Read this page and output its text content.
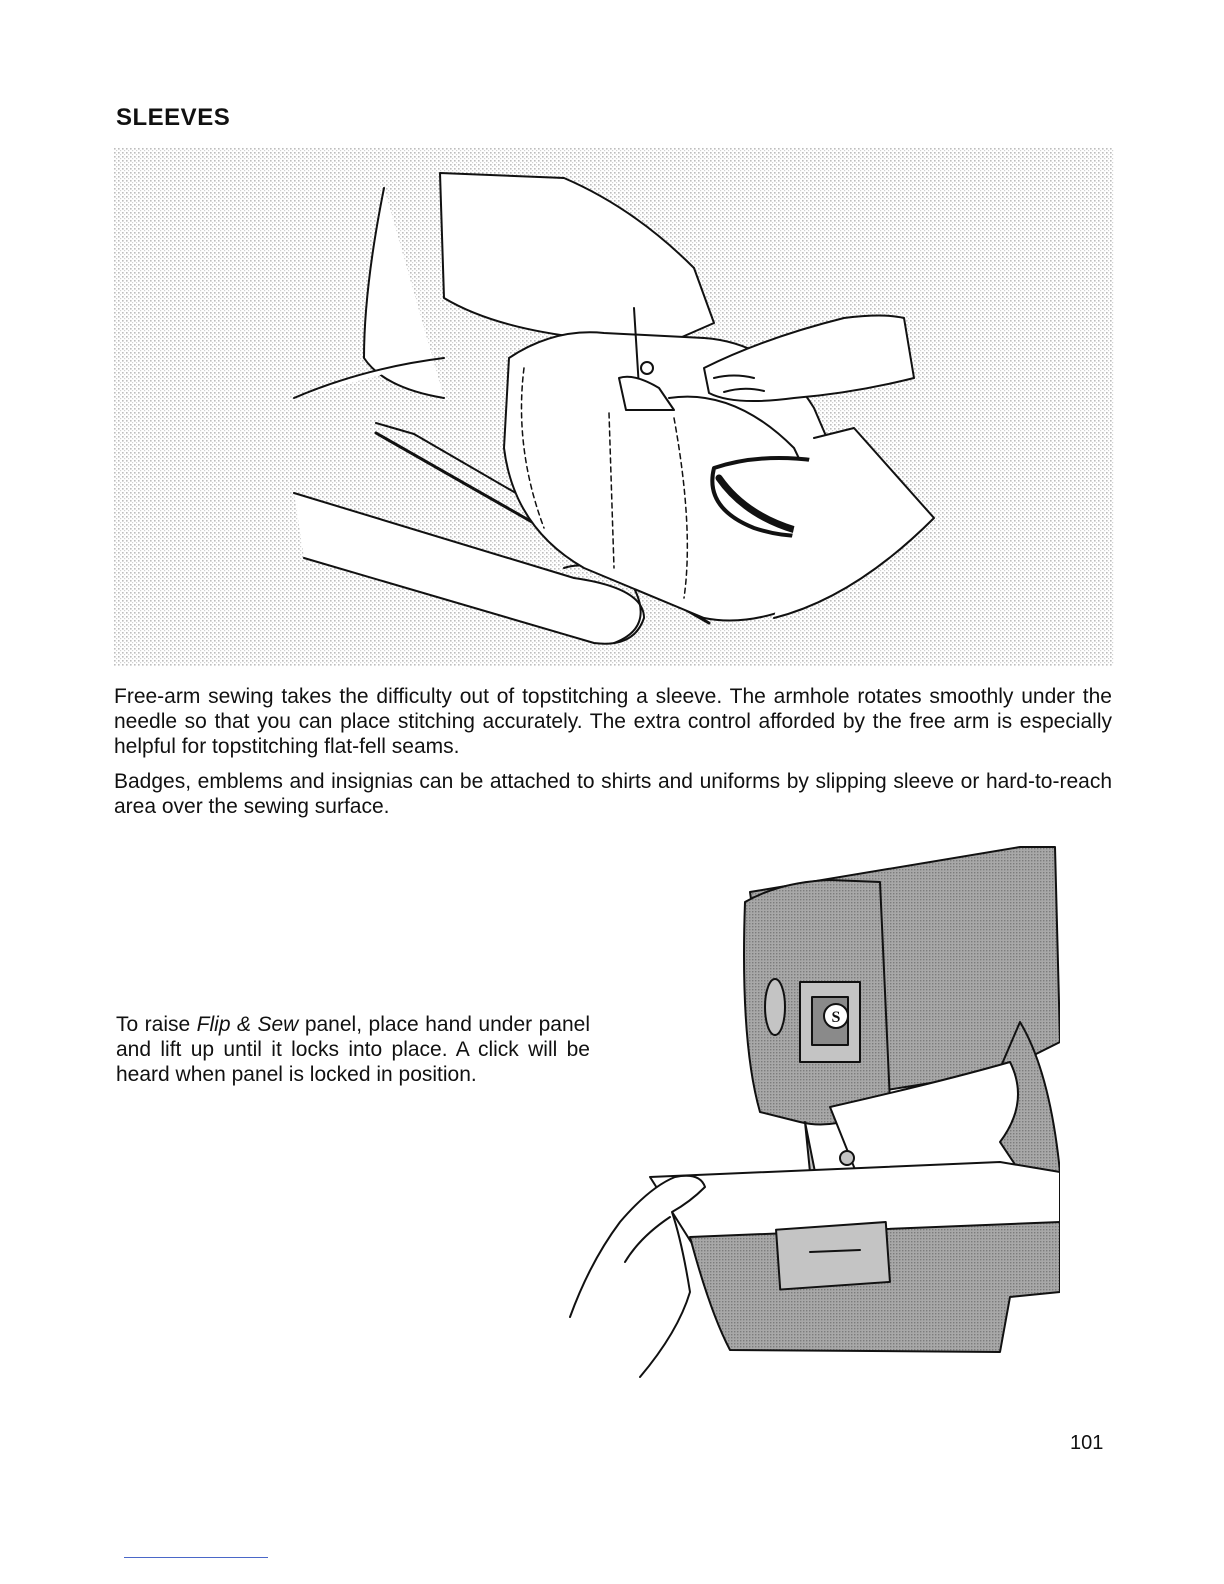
SLEEVES

Free-arm sewing takes the difficulty out of topstitching a sleeve. The armhole rotates smoothly under the needle so that you can place stitching accurately. The extra control afforded by the free arm is especially helpful for topstitching flat-fell seams.

Badges, emblems and insignias can be attached to shirts and uniforms by slipping sleeve or hard-to-reach area over the sewing surface.

To raise Flip & Sew panel, place hand under panel and lift up until it locks into place. A click will be heard when panel is locked in position.

S
101
